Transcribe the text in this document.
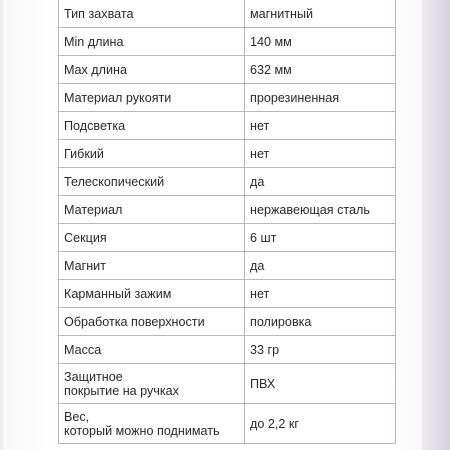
Тип захвата	магнитный
Min длина	140 мм
Max длина	632 мм
Материал рукояти	прорезиненная
Подсветка	нет
Гибкий	нет
Телескопический	да
Материал	нержавеющая сталь
Секция	6 шт
Магнит	да
Карманный зажим	нет
Обработка поверхности	полировка
Масса	33 гр

Защитное
покрытие на ручках	ПВХ

Вес,
который можно поднимать	до 2,2 кг
